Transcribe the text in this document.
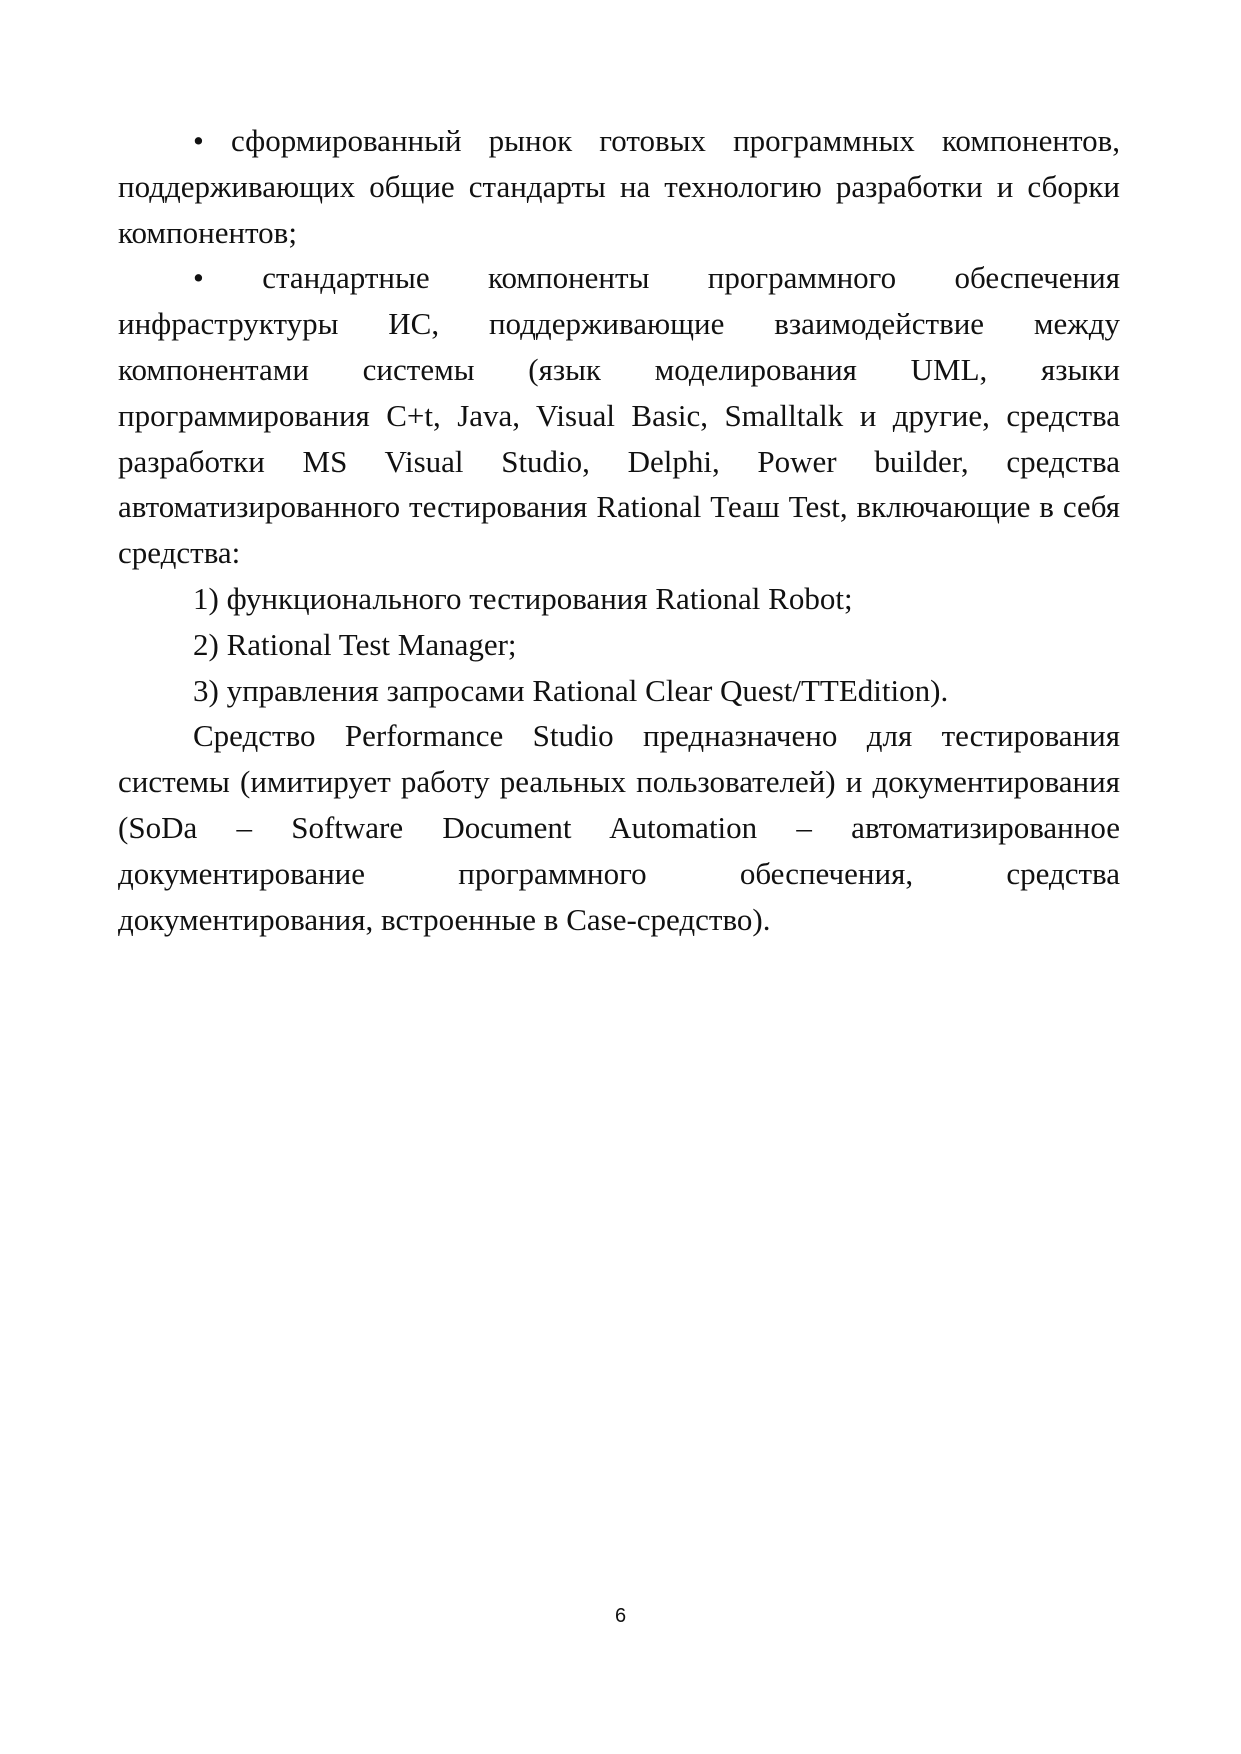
• сформированный рынок готовых программных компонентов, поддерживающих общие стандарты на технологию разработки и сборки компонентов;

• стандартные компоненты программного обеспечения инфраструктуры ИС, поддерживающие взаимодействие между компонентами системы (язык моделирования UML, языки программирования C+t, Java, Visual Basic, Smalltalk и другие, средства разработки MS Visual Studio, Delphi, Power builder, средства автоматизированного тестирования Rational Теаш Test, включающие в себя средства:

1) функционального тестирования Rational Robot;

2) Rational Test Manager;

3) управления запросами Rational Clear Quest/TTEdition).

Средство Performance Studio предназначено для тестирования системы (имитирует работу реальных пользователей) и документирования (SoDa – Software Document Automation – автоматизированное документирование программного обеспечения, средства документирования, встроенные в Case-средство).

6
